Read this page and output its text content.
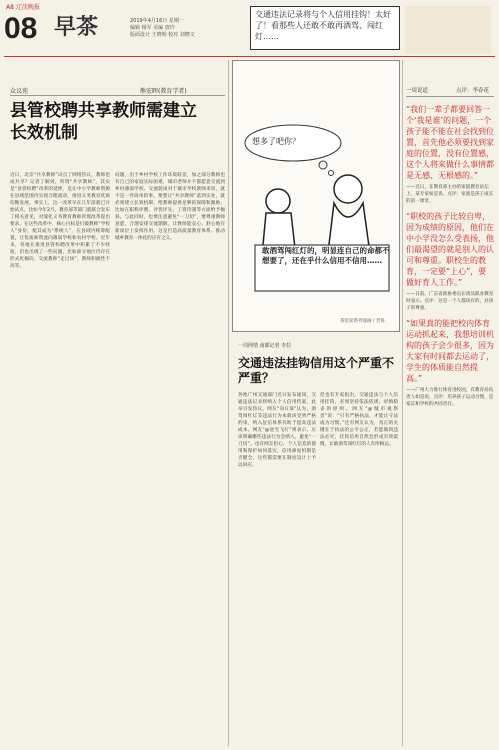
A8 辽沈晚报
08 早茶	2019年4月16日 星期一
编辑 杨军 美编 唐玲
版面设计 王晓明 校对 刘晓文
交通违法记录将与个人信用挂钩！太好了！看那些人还敢不敢再酒驾、闯红灯……
众议苑	熊宏晖(教育学者)
县管校聘共享教师需建立长效机制
近日，北京“共享教师”试点了网络热议，教师也成共享？记者了解到，所谓“共享教师”，其实是“县管校聘”改革的延伸，是让中小学教师资源在县域范围内实现合理流动，推进义务教育优质均衡发展。事实上，这一改革早在几年前就已开始试点，比如今年2月，教育部等部门就联合发布了相关意见，对深化义务教育教师管理改革提出要求。在这些改革中，核心目标是打破教师“学校人”身份，使其成为“系统人”，在县域内统筹配置，让优质师资流向薄弱学校和农村学校。近年来，各地在推进县管校聘改革中积累了不少经验，但也出现了一些问题，比如部分地区仍存在形式化倾向，交流教师“走过场”，教师积极性不高等。
问题，出于乡村学校工作环境较差，加之部分教师也有自己的家庭实际困难，城市老师并不都愿意交流到乡村薄弱学校。交流轮岗对于城市学校教师来说，就不是一件简单的事。要想让“共享教师”落到实处，就必须建立长效机制，给教师提供足够的保障和激励，比如在职称评聘、评优评先、工资待遇等方面给予倾斜。与此同时，也要注意避免“一刀切”，要尊重教师意愿，合理安排交流期限，让教师能安心、舒心地在新岗位上发挥作用。这是打造高质量教育体系、推动城乡教育一体化的应有之义。
想多了吧你？
敢酒驾闯红灯的，明显连自己的命都不想要了，还在乎什么信用不信用……
茶馆家系列漫画 / 老鲁
一周网情 南都记者 李拉
交通违法挂钩信用这个严重不严重？
各地广州交通部门近日发布通知，交通违法记录将纳入个人信用档案，此举引发热议。网友“向日葵”认为，酒驾闯红灯等违法行为本就该受到严格约束，纳入征信体系有助于提高违法成本。网友“@逆光飞行”则表示，应该明确哪些违法行为会纳入，避免“一刀切”。也有网友担心，个人信息的使用和保护如何落实，信用修复机制是否健全，这些都需要在制度设计上予以回应。
但也有专家指出，交通违法与个人信用挂钩，必须坚持依法依规、审慎稳妥的原则。网友“@城市观察者”说：“只有严格执法，才能让守法成为习惯。”还有网友认为，真正的关键在于执法的公平公正，若能做到违法必究，挂钩信用自然会形成有效震慑，让敢酒驾闯红灯的人有所顾忌。
一周说道	点评：李春花
“我们一辈子都要回答一个‘我是谁’的问题，一个孩子能不能在社会找到位置，首先他必须要找到家庭的位置，没有位置感，这个人将来做什么事情都是无感、无根感的。”
——近日，在教育部主办的家庭教育论坛上，某专家如是说。点评：家庭是孩子成长的第一课堂。
“职校的孩子比较自卑，因为成绩的原因，他们在中小学没怎么受表扬，他们最渴望的就是别人的认可和尊重。职校生的教育，一定要“上心”，要做好育人工作。”
——日前，广东省政协委员在谈及职业教育时表示。点评：这是一个人都该有的、对孩子的尊重。
“如果真的能把校内体育运动抓起来，我想培训机构的孩子会少很多，因为大家有时间都去运动了，学生的体质能自然提高。”
——广州大力推行体育进校园，有教育局负责人如是说。点评：培养孩子运动习惯，是家长和学校的共同责任。
